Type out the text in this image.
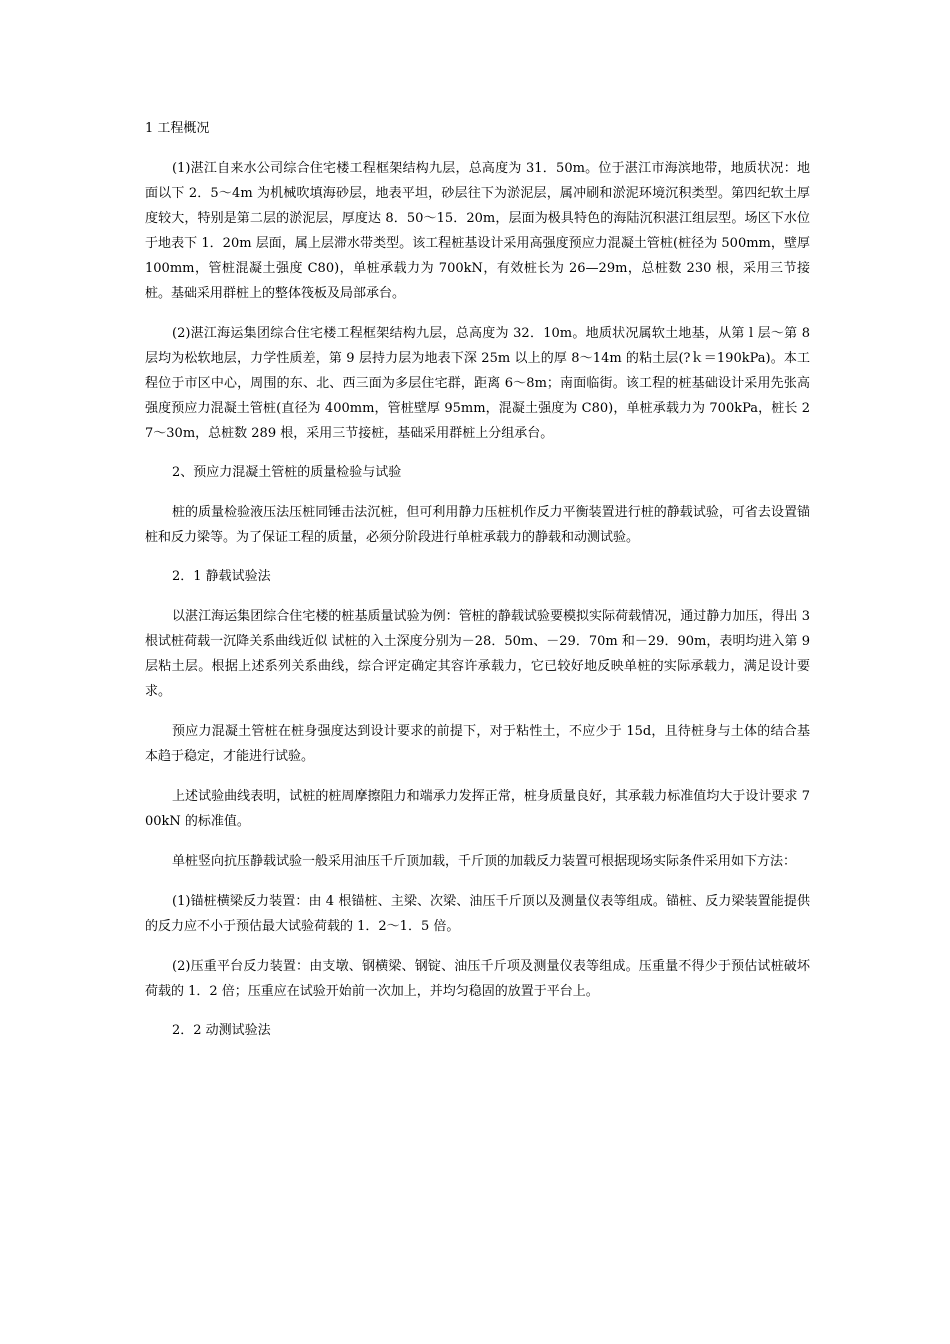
1 工程概况

(1)湛江自来水公司综合住宅楼工程框架结构九层，总高度为 31．50m。位于湛江市海滨地带，地质状况：地面以下 2．5～4m 为机械吹填海砂层，地表平坦，砂层往下为淤泥层，属冲刷和淤泥环境沉积类型。第四纪软土厚度较大，特别是第二层的淤泥层，厚度达 8．50～15．20m，层面为极具特色的海陆沉积湛江组层型。场区下水位于地表下 1．20m 层面，属上层滞水带类型。该工程桩基设计采用高强度预应力混凝土管桩(桩径为 500mm，壁厚 100mm，管桩混凝土强度 C80)，单桩承载力为 700kN，有效桩长为 26—29m，总桩数 230 根，采用三节接桩。基础采用群桩上的整体筏板及局部承台。

(2)湛江海运集团综合住宅楼工程框架结构九层，总高度为 32．10m。地质状况属软土地基，从第 l 层～第 8 层均为松软地层，力学性质差，第 9 层持力层为地表下深 25m 以上的厚 8～14m 的粘土层(?ｋ＝190kPa)。本工程位于市区中心，周围的东、北、西三面为多层住宅群，距离 6～8m；南面临街。该工程的桩基础设计采用先张高强度预应力混凝土管桩(直径为 400mm，管桩壁厚 95mm，混凝土强度为 C80)，单桩承载力为 700kPa，桩长 27～30m，总桩数 289 根，采用三节接桩，基础采用群桩上分组承台。

2、预应力混凝土管桩的质量检验与试验

桩的质量检验液压法压桩同锤击法沉桩，但可利用静力压桩机作反力平衡装置进行桩的静载试验，可省去设置锚桩和反力梁等。为了保证工程的质量，必须分阶段进行单桩承载力的静载和动测试验。

2．1 静载试验法

以湛江海运集团综合住宅楼的桩基质量试验为例：管桩的静载试验要模拟实际荷载情况，通过静力加压，得出 3 根试桩荷载一沉降关系曲线近似 试桩的入土深度分别为－28．50m、－29．70m 和－29．90m，表明均进入第 9 层粘土层。根据上述系列关系曲线，综合评定确定其容许承载力，它已较好地反映单桩的实际承载力，满足设计要求。

预应力混凝土管桩在桩身强度达到设计要求的前提下，对于粘性土，不应少于 15d，且待桩身与土体的结合基本趋于稳定，才能进行试验。

上述试验曲线表明，试桩的桩周摩擦阻力和端承力发挥正常，桩身质量良好，其承载力标准值均大于设计要求 700kN 的标准值。

单桩竖向抗压静载试验一般采用油压千斤顶加载，千斤顶的加载反力装置可根据现场实际条件采用如下方法：

(1)锚桩横梁反力装置：由 4 根锚桩、主梁、次梁、油压千斤顶以及测量仪表等组成。锚桩、反力梁装置能提供的反力应不小于预估最大试验荷载的 1．2～1．5 倍。

(2)压重平台反力装置：由支墩、钢横梁、钢锭、油压千斤项及测量仪表等组成。压重量不得少于预估试桩破坏荷载的 1．2 倍；压重应在试验开始前一次加上，并均匀稳固的放置于平台上。

2．2 动测试验法
